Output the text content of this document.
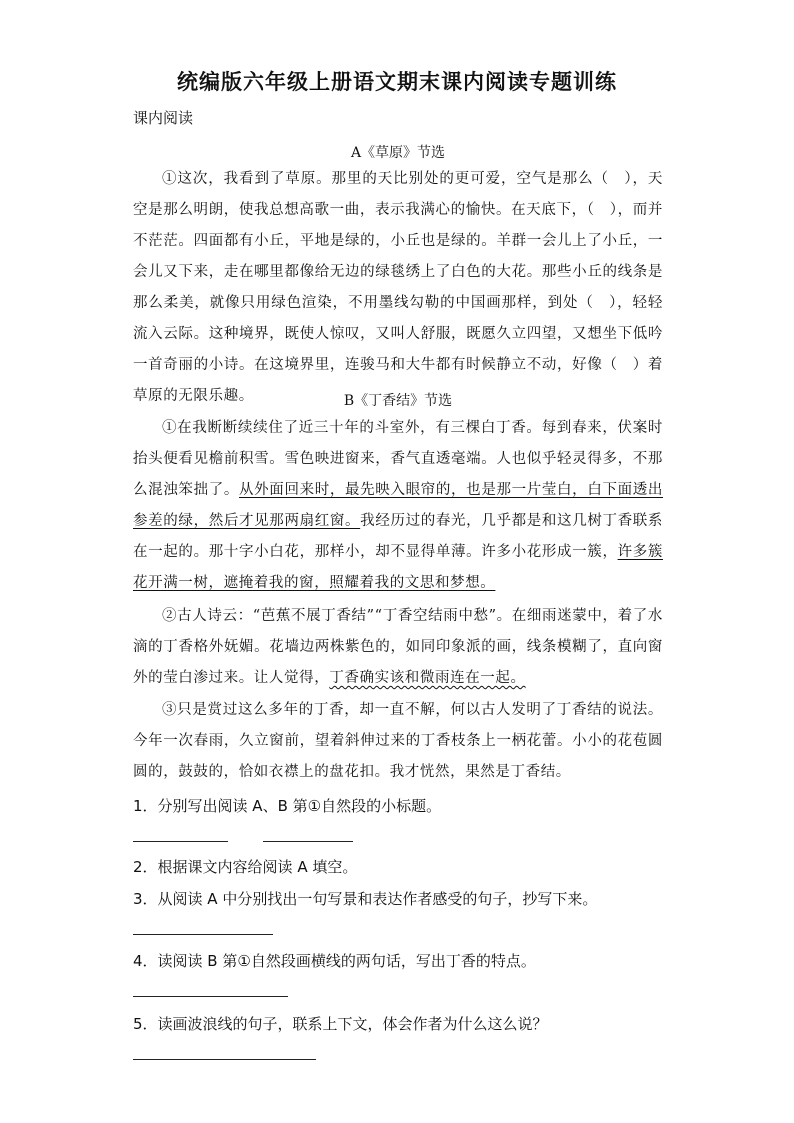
统编版六年级上册语文期末课内阅读专题训练
课内阅读
A《草原》节选
①这次，我看到了草原。那里的天比别处的更可爱，空气是那么（　），天空是那么明朗，使我总想高歌一曲，表示我满心的愉快。在天底下，（　），而并不茫茫。四面都有小丘，平地是绿的，小丘也是绿的。羊群一会儿上了小丘，一会儿又下来，走在哪里都像给无边的绿毯绣上了白色的大花。那些小丘的线条是那么柔美，就像只用绿色渲染，不用墨线勾勒的中国画那样，到处（　），轻轻流入云际。这种境界，既使人惊叹，又叫人舒服，既愿久立四望，又想坐下低吟一首奇丽的小诗。在这境界里，连骏马和大牛都有时候静立不动，好像（　）着草原的无限乐趣。	B《丁香结》节选
①在我断断续续住了近三十年的斗室外，有三棵白丁香。每到春来，伏案时抬头便看见檐前积雪。雪色映进窗来，香气直透毫端。人也似乎轻灵得多，不那么混浊笨拙了。从外面回来时，最先映入眼帘的，也是那一片莹白，白下面透出参差的绿，然后才见那两扇红窗。我经历过的春光，几乎都是和这几树丁香联系在一起的。那十字小白花，那样小，却不显得单薄。许多小花形成一簇，许多簇花开满一树，遮掩着我的窗，照耀着我的文思和梦想。
②古人诗云：“芭蕉不展丁香结”“丁香空结雨中愁”。在细雨迷蒙中，着了水滴的丁香格外妩媚。花墙边两株紫色的，如同印象派的画，线条模糊了，直向窗外的莹白渗过来。让人觉得，丁香确实该和微雨连在一起。
③只是赏过这么多年的丁香，却一直不解，何以古人发明了丁香结的说法。今年一次春雨，久立窗前，望着斜伸过来的丁香枝条上一柄花蕾。小小的花苞圆圆的，鼓鼓的，恰如衣襟上的盘花扣。我才恍然，果然是丁香结。
1．分别写出阅读 A、B 第①自然段的小标题。
2．根据课文内容给阅读 A 填空。
3．从阅读 A 中分别找出一句写景和表达作者感受的句子，抄写下来。
4．读阅读 B 第①自然段画横线的两句话，写出丁香的特点。
5．读画波浪线的句子，联系上下文，体会作者为什么这么说？
